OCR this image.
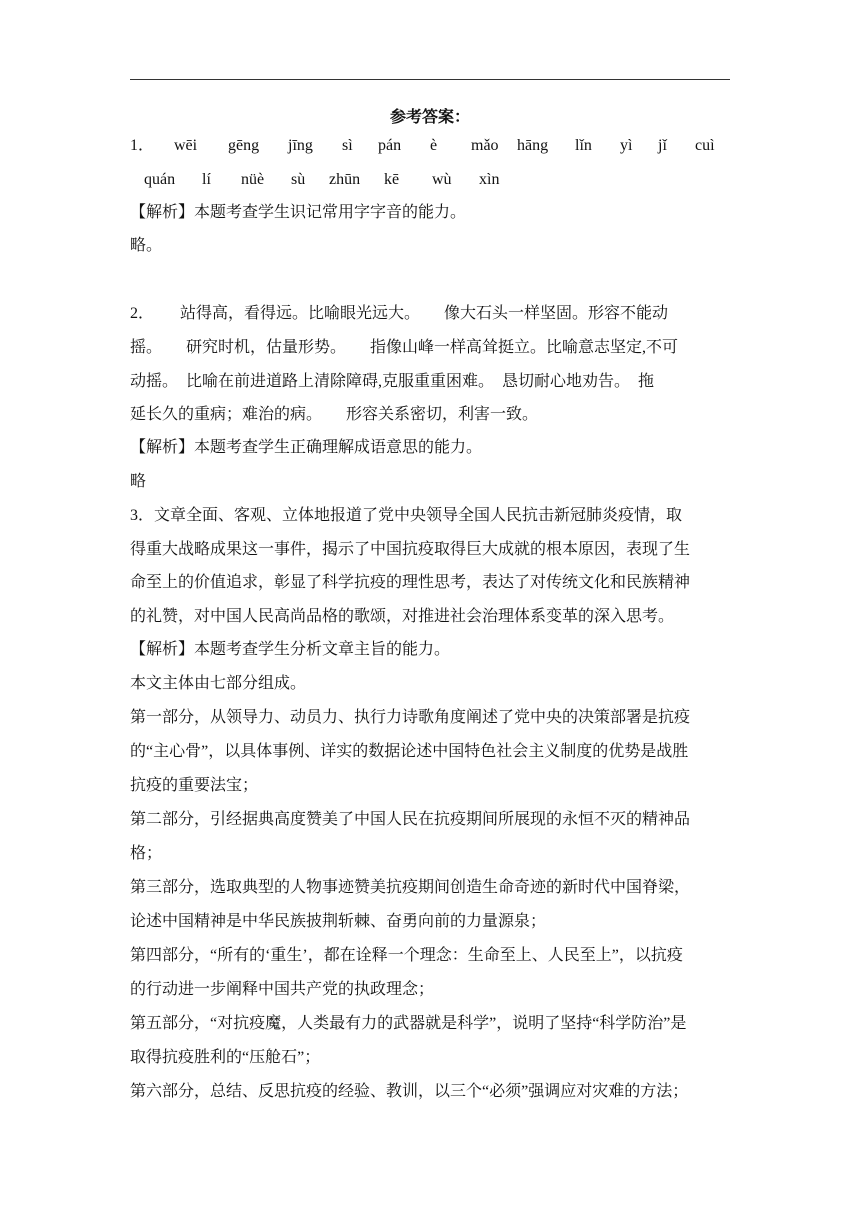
参考答案：
1． wēi gēng jīng sì pán è mǎo hāng lǐn yì jǐ cuì
quán lí nüè sù zhūn kē wù xìn
【解析】本题考查学生识记常用字字音的能力。
略。
2． 站得高，看得远。比喻眼光远大。　　像大石头一样坚固。形容不能动
摇。　　研究时机，估量形势。　　指像山峰一样高耸挺立。比喻意志坚定,不可
动摇。　比喻在前进道路上清除障碍,克服重重困难。　恳切耐心地劝告。　拖
延长久的重病；难治的病。　　形容关系密切，利害一致。
【解析】本题考查学生正确理解成语意思的能力。
略
3．文章全面、客观、立体地报道了党中央领导全国人民抗击新冠肺炎疫情，取
得重大战略成果这一事件，揭示了中国抗疫取得巨大成就的根本原因，表现了生
命至上的价值追求，彰显了科学抗疫的理性思考，表达了对传统文化和民族精神
的礼赞，对中国人民高尚品格的歌颂，对推进社会治理体系变革的深入思考。
【解析】本题考查学生分析文章主旨的能力。
本文主体由七部分组成。
第一部分，从领导力、动员力、执行力诗歌角度阐述了党中央的决策部署是抗疫
的“主心骨”，以具体事例、详实的数据论述中国特色社会主义制度的优势是战胜
抗疫的重要法宝；
第二部分，引经据典高度赞美了中国人民在抗疫期间所展现的永恒不灭的精神品
格；
第三部分，选取典型的人物事迹赞美抗疫期间创造生命奇迹的新时代中国脊梁，
论述中国精神是中华民族披荆斩棘、奋勇向前的力量源泉；
第四部分，“所有的‘重生’，都在诠释一个理念：生命至上、人民至上”，以抗疫
的行动进一步阐释中国共产党的执政理念；
第五部分，“对抗疫魔，人类最有力的武器就是科学”，说明了坚持“科学防治”是
取得抗疫胜利的“压舱石”；
第六部分，总结、反思抗疫的经验、教训，以三个“必须”强调应对灾难的方法；
